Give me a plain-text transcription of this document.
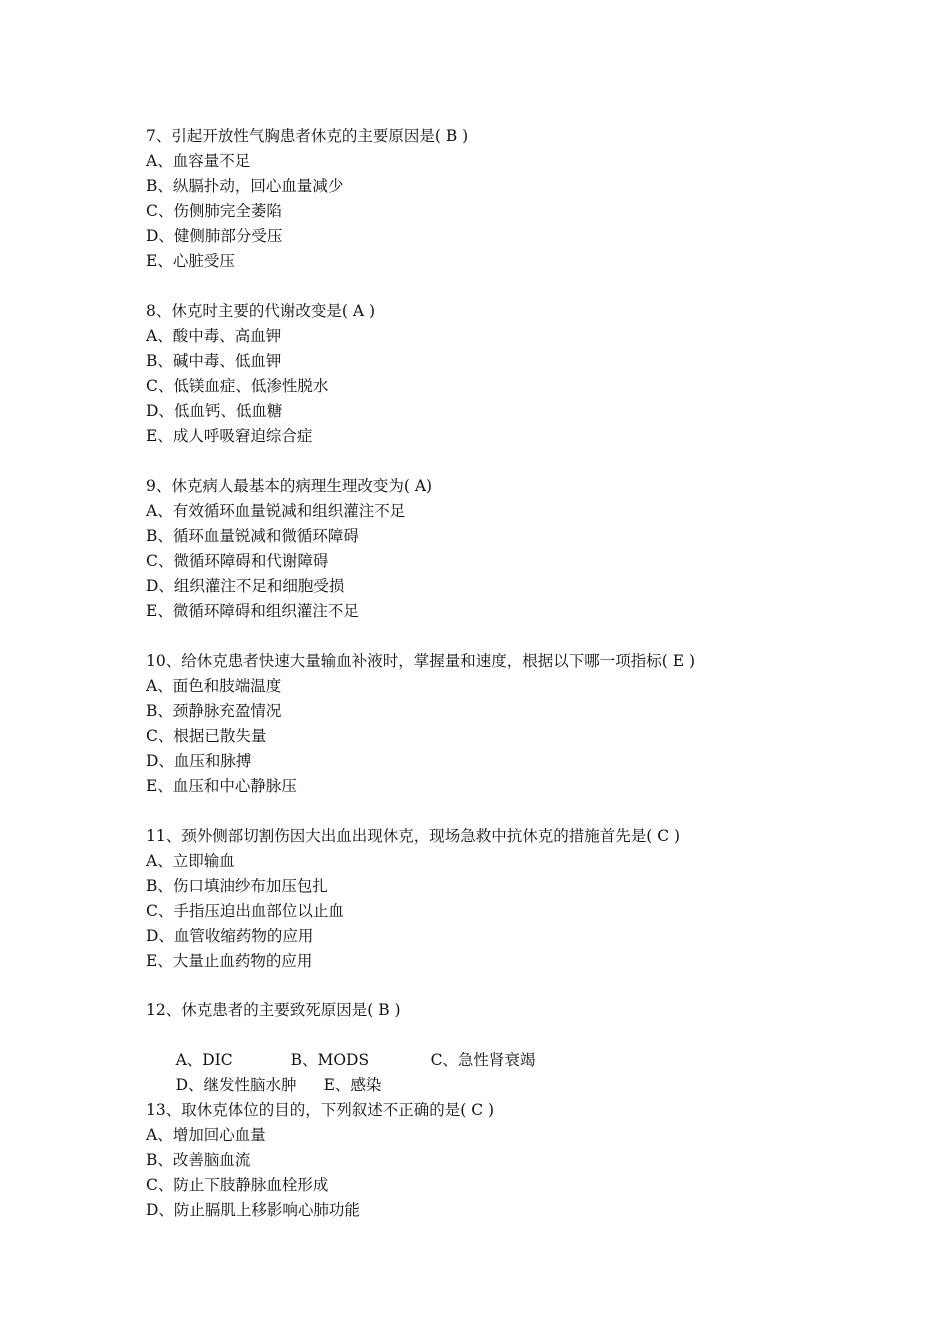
7、引起开放性气胸患者休克的主要原因是( B )
A、血容量不足
B、纵膈扑动，回心血量减少
C、伤侧肺完全萎陷
D、健侧肺部分受压
E、心脏受压
8、休克时主要的代谢改变是( A )
A、酸中毒、高血钾
B、碱中毒、低血钾
C、低镁血症、低渗性脱水
D、低血钙、低血糖
E、成人呼吸窘迫综合症
9、休克病人最基本的病理生理改变为( A)
A、有效循环血量锐减和组织灌注不足
B、循环血量锐减和微循环障碍
C、微循环障碍和代谢障碍
D、组织灌注不足和细胞受损
E、微循环障碍和组织灌注不足
10、给休克患者快速大量输血补液时，掌握量和速度，根据以下哪一项指标( E )
A、面色和肢端温度
B、颈静脉充盈情况
C、根据已散失量
D、血压和脉搏
E、血压和中心静脉压
11、颈外侧部切割伤因大出血出现休克，现场急救中抗休克的措施首先是( C )
A、立即输血
B、伤口填油纱布加压包扎
C、手指压迫出血部位以止血
D、血管收缩药物的应用
E、大量止血药物的应用
12、休克患者的主要致死原因是( B )

A、DIC	B、MODS	C、急性肾衰竭

D、继发性脑水肿 E、感染

13、取休克体位的目的，下列叙述不正确的是( C )
A、增加回心血量
B、改善脑血流
C、防止下肢静脉血栓形成
D、防止膈肌上移影响心肺功能
